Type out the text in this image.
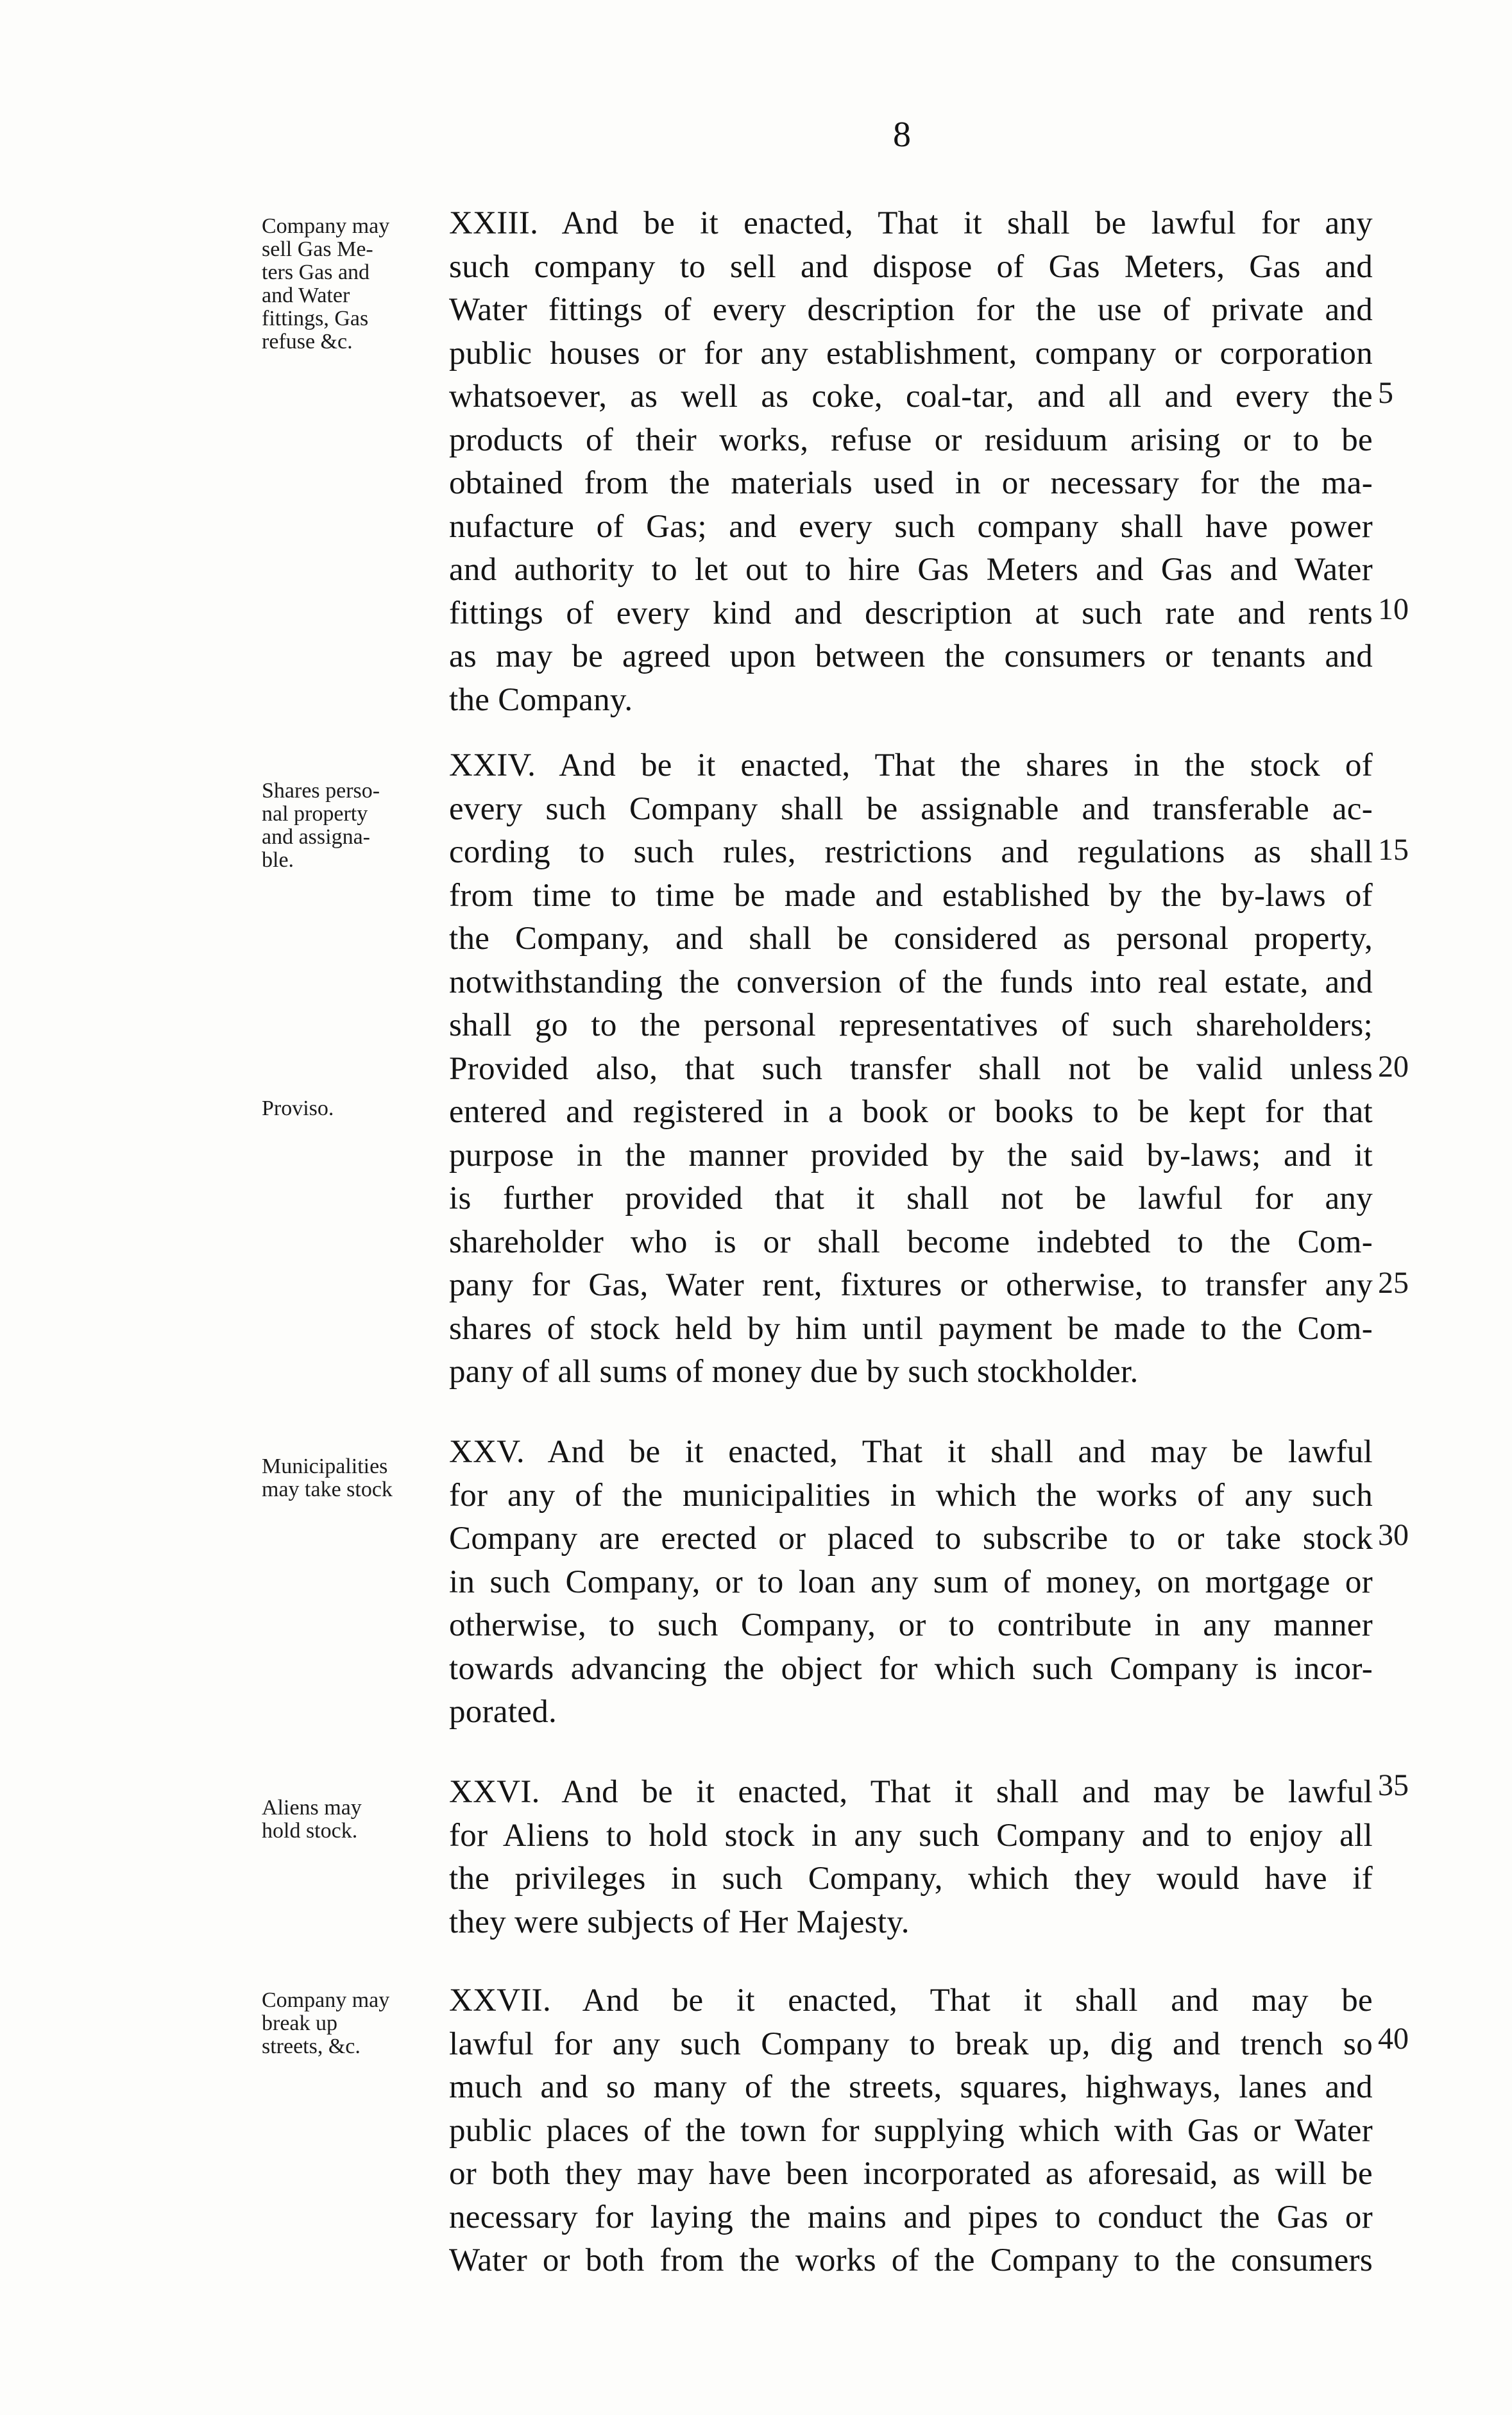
8
XXIII. And be it enacted, That it shall be lawful for any
such company to sell and dispose of Gas Meters, Gas and
Water fittings of every description for the use of private and
public houses or for any establishment, company or corporation
whatsoever, as well as coke, coal-tar, and all and every the
products of their works, refuse or residuum arising or to be
obtained from the materials used in or necessary for the ma-
nufacture of Gas; and every such company shall have power
and authority to let out to hire Gas Meters and Gas and Water
fittings of every kind and description at such rate and rents
as may be agreed upon between the consumers or tenants and
the Company.
XXIV. And be it enacted, That the shares in the stock of
every such Company shall be assignable and transferable ac-
cording to such rules, restrictions and regulations as shall
from time to time be made and established by the by-laws of
the Company, and shall be considered as personal property,
notwithstanding the conversion of the funds into real estate, and
shall go to the personal representatives of such shareholders;
Provided also, that such transfer shall not be valid unless
entered and registered in a book or books to be kept for that
purpose in the manner provided by the said by-laws; and it
is further provided that it shall not be lawful for any
shareholder who is or shall become indebted to the Com-
pany for Gas, Water rent, fixtures or otherwise, to transfer any
shares of stock held by him until payment be made to the Com-
pany of all sums of money due by such stockholder.
XXV. And be it enacted, That it shall and may be lawful
for any of the municipalities in which the works of any such
Company are erected or placed to subscribe to or take stock
in such Company, or to loan any sum of money, on mortgage or
otherwise, to such Company, or to contribute in any manner
towards advancing the object for which such Company is incor-
porated.
XXVI. And be it enacted, That it shall and may be lawful
for Aliens to hold stock in any such Company and to enjoy all
the privileges in such Company, which they would have if
they were subjects of Her Majesty.
XXVII. And be it enacted, That it shall and may be
lawful for any such Company to break up, dig and trench so
much and so many of the streets, squares, highways, lanes and
public places of the town for supplying which with Gas or Water
or both they may have been incorporated as aforesaid, as will be
necessary for laying the mains and pipes to conduct the Gas or
Water or both from the works of the Company to the consumers
Company may
sell Gas Me-
ters Gas and
and Water
fittings, Gas
refuse &c.
Shares perso-
nal property
and assigna-
ble.
Proviso.
Municipalities
may take stock
Aliens may
hold stock.
Company may
break up
streets, &c.
5
10
15
20
25
30
35
40
